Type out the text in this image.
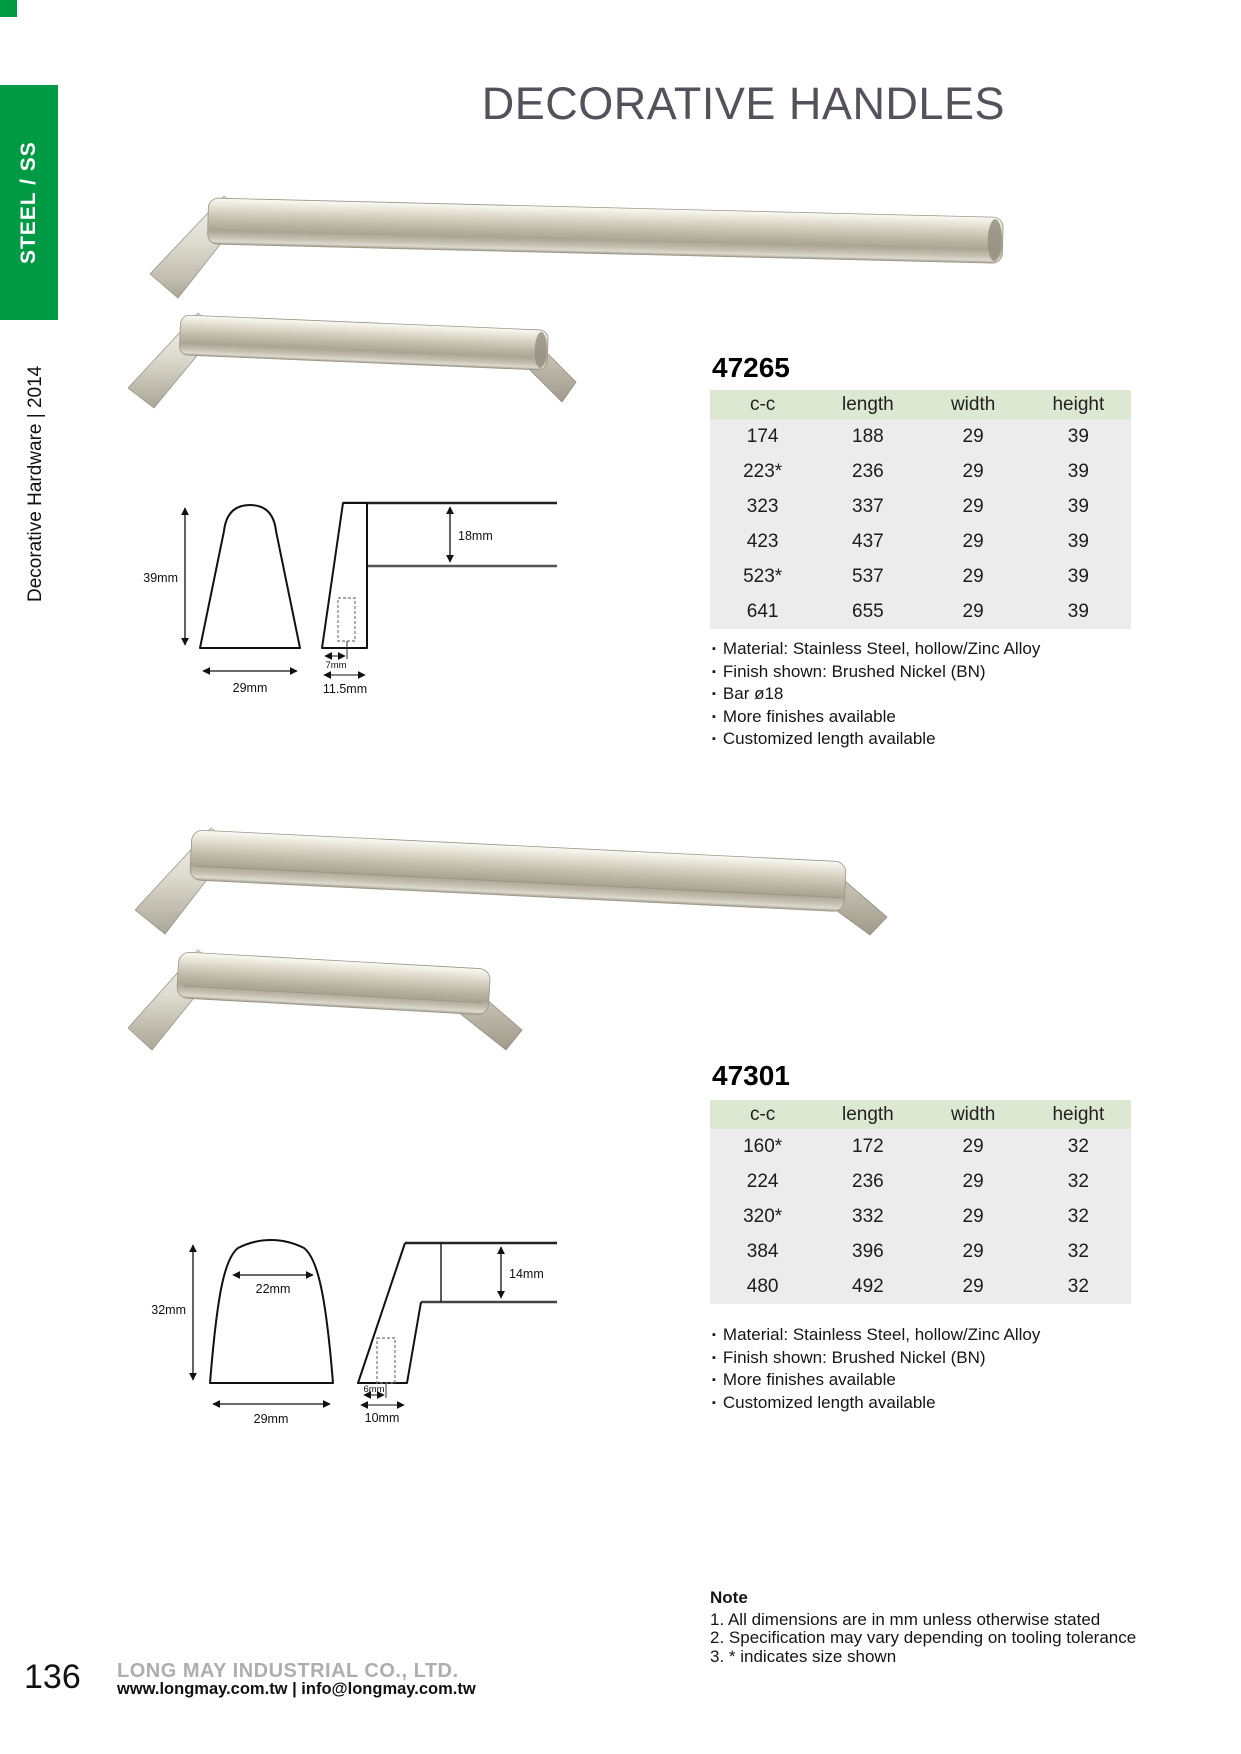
STEEL / SS
Decorative Hardware | 2014
DECORATIVE HANDLES
39mm
29mm
7mm
11.5mm
18mm
47265
c-c	length	width	height
174	188	29	39
223*	236	29	39
323	337	29	39
423	437	29	39
523*	537	29	39
641	655	29	39
▪ Material: Stainless Steel, hollow/Zinc Alloy
▪ Finish shown: Brushed Nickel (BN)
▪ Bar ø18
▪ More finishes available
▪ Customized length available
22mm
32mm
29mm
6mm
10mm
14mm
47301
c-c	length	width	height
160*	172	29	32
224	236	29	32
320*	332	29	32
384	396	29	32
480	492	29	32
▪ Material: Stainless Steel, hollow/Zinc Alloy
▪ Finish shown: Brushed Nickel (BN)
▪ More finishes available
▪ Customized length available
Note
1. All dimensions are in mm unless otherwise stated
2. Specification may vary depending on tooling tolerance
3. * indicates size shown
136 LONG MAY INDUSTRIAL CO., LTD.
www.longmay.com.tw | info@longmay.com.tw
